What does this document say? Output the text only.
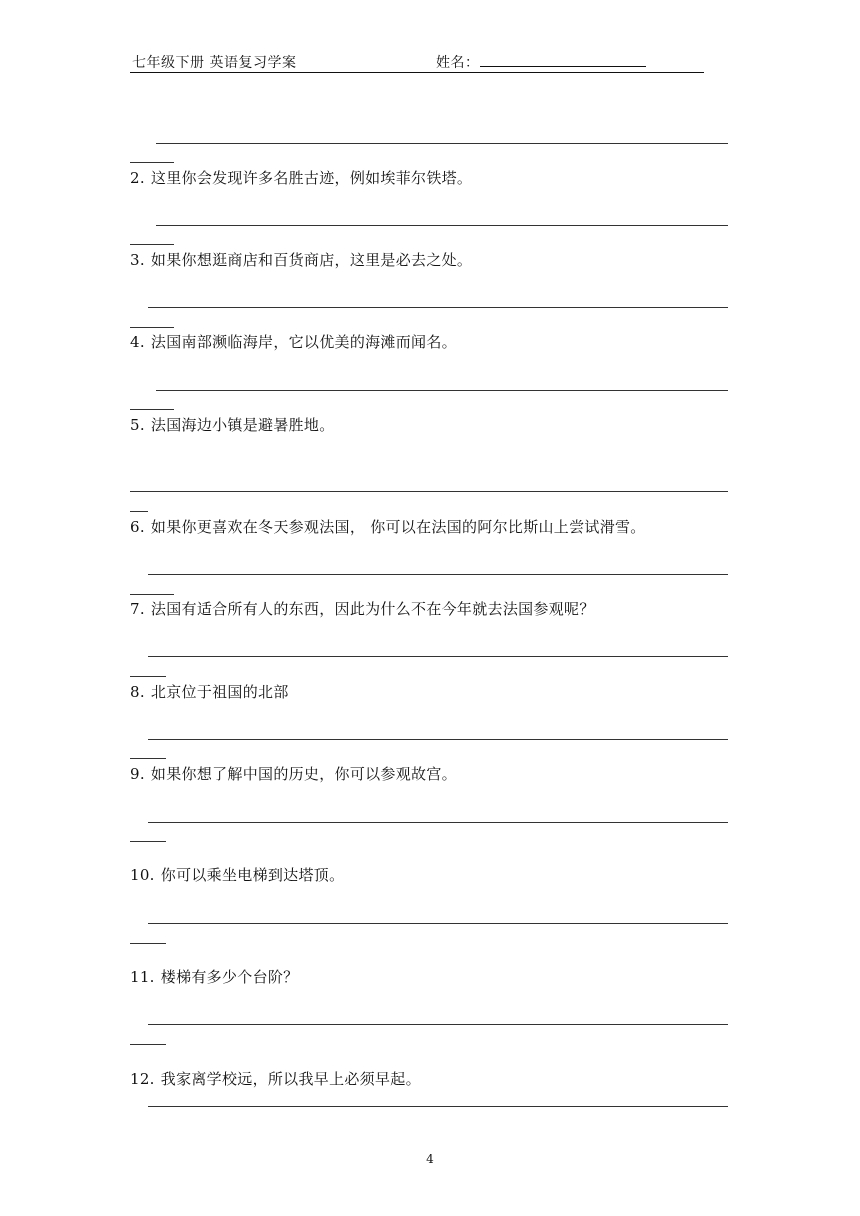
七年级下册 英语复习学案	姓名：
2. 这里你会发现许多名胜古迹，例如埃菲尔铁塔。
3. 如果你想逛商店和百货商店，这里是必去之处。
4. 法国南部濒临海岸，它以优美的海滩而闻名。
5. 法国海边小镇是避暑胜地。
6. 如果你更喜欢在冬天参观法国， 你可以在法国的阿尔比斯山上尝试滑雪。
7. 法国有适合所有人的东西，因此为什么不在今年就去法国参观呢？
8. 北京位于祖国的北部
9. 如果你想了解中国的历史，你可以参观故宫。
10. 你可以乘坐电梯到达塔顶。
11. 楼梯有多少个台阶？
12. 我家离学校远，所以我早上必须早起。
4
